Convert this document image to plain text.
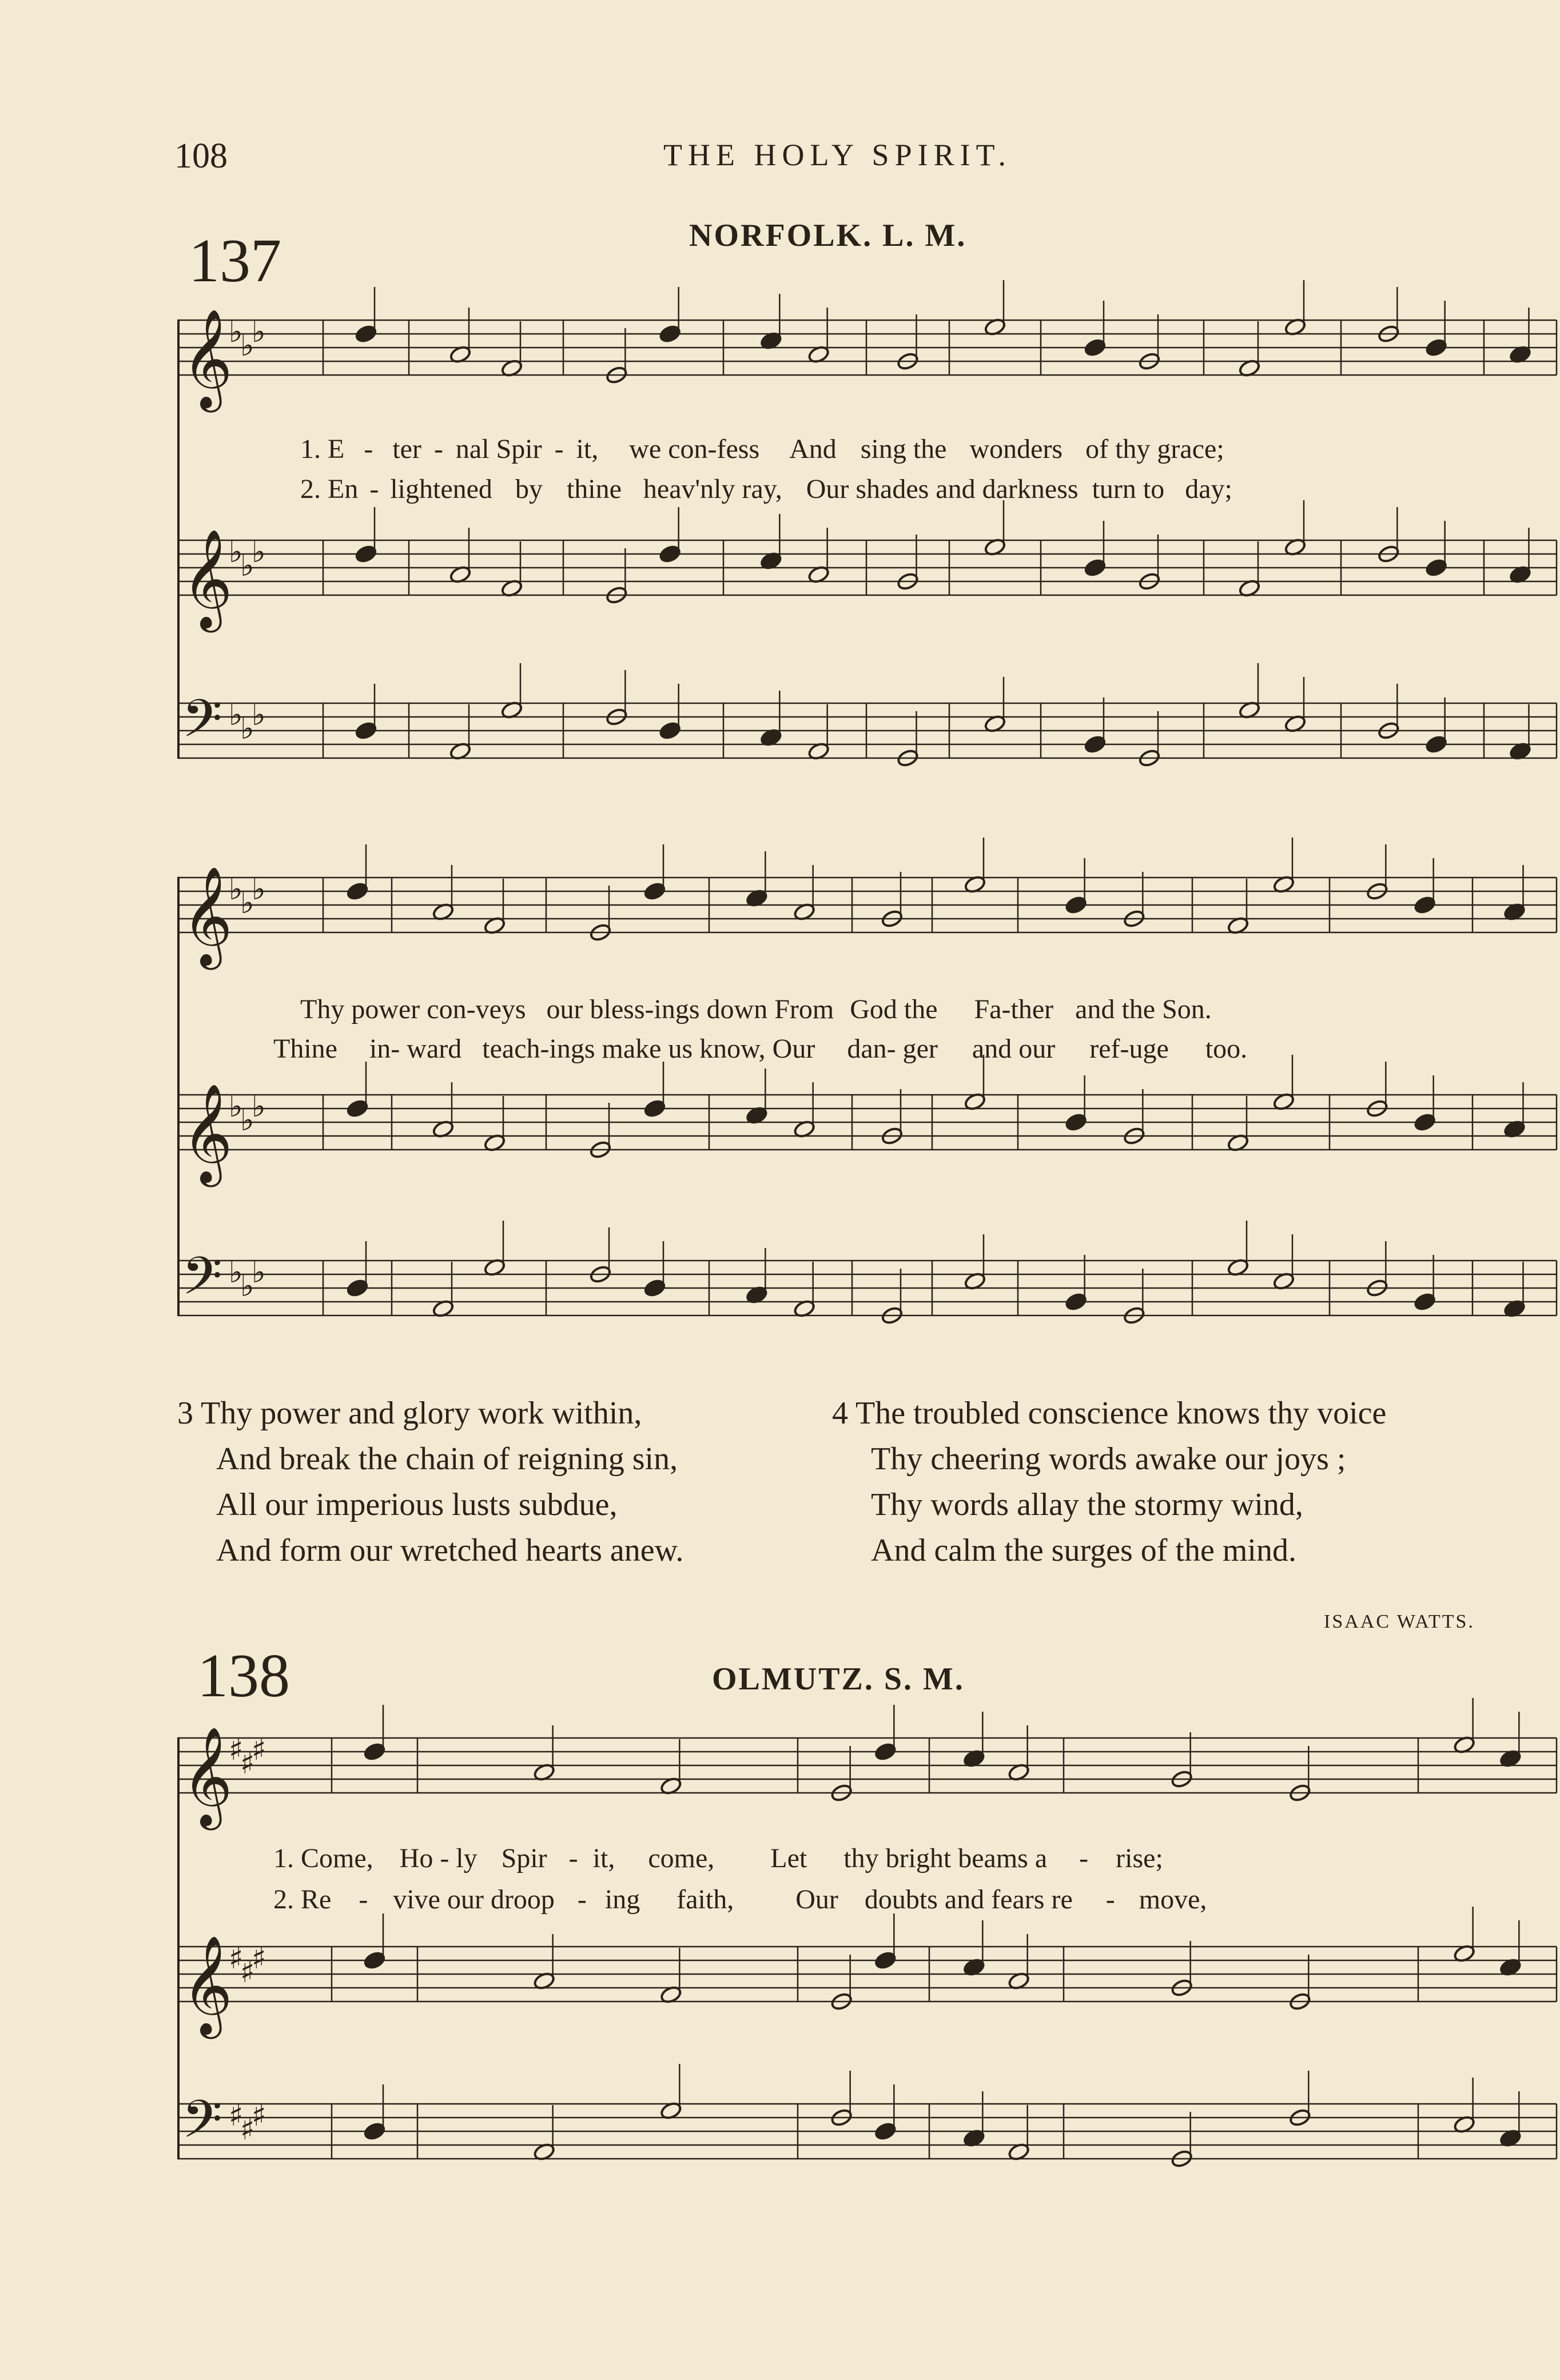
108	THE HOLY SPIRIT.
137	NORFOLK. L. M.
𝄞
♭
♭
♭
𝄞
♭
♭
♭
𝄢 ♭
♭
♭
𝄞
♭
♭
♭
𝄞
♭
♭
♭
𝄢 ♭
♭
♭
𝄞
♯
♯
♯
𝄞
♯
♯
♯
𝄢 ♯
♯
♯
1. E - ter - nal Spir - it, we con-fess And sing the wonders of thy grace;
2. En - lightened by thine heav'nly ray, Our shades and darkness turn to day;
Thy power con-veys our bless-ings down From God the Fa-ther and the Son.
Thine in- ward teach-ings make us know, Our dan- ger and our ref-uge too.
3 Thy power and glory work within,
And break the chain of reigning sin,
All our imperious lusts subdue,
And form our wretched hearts anew.
4 The troubled conscience knows thy voice
Thy cheering words awake our joys ;
Thy words allay the stormy wind,
And calm the surges of the mind.
ISAAC WATTS.
138	OLMUTZ. S. M.
1. Come, Ho - ly Spir - it, come, Let thy bright beams a - rise;
2. Re - vive our droop - ing faith, Our doubts and fears re - move,
